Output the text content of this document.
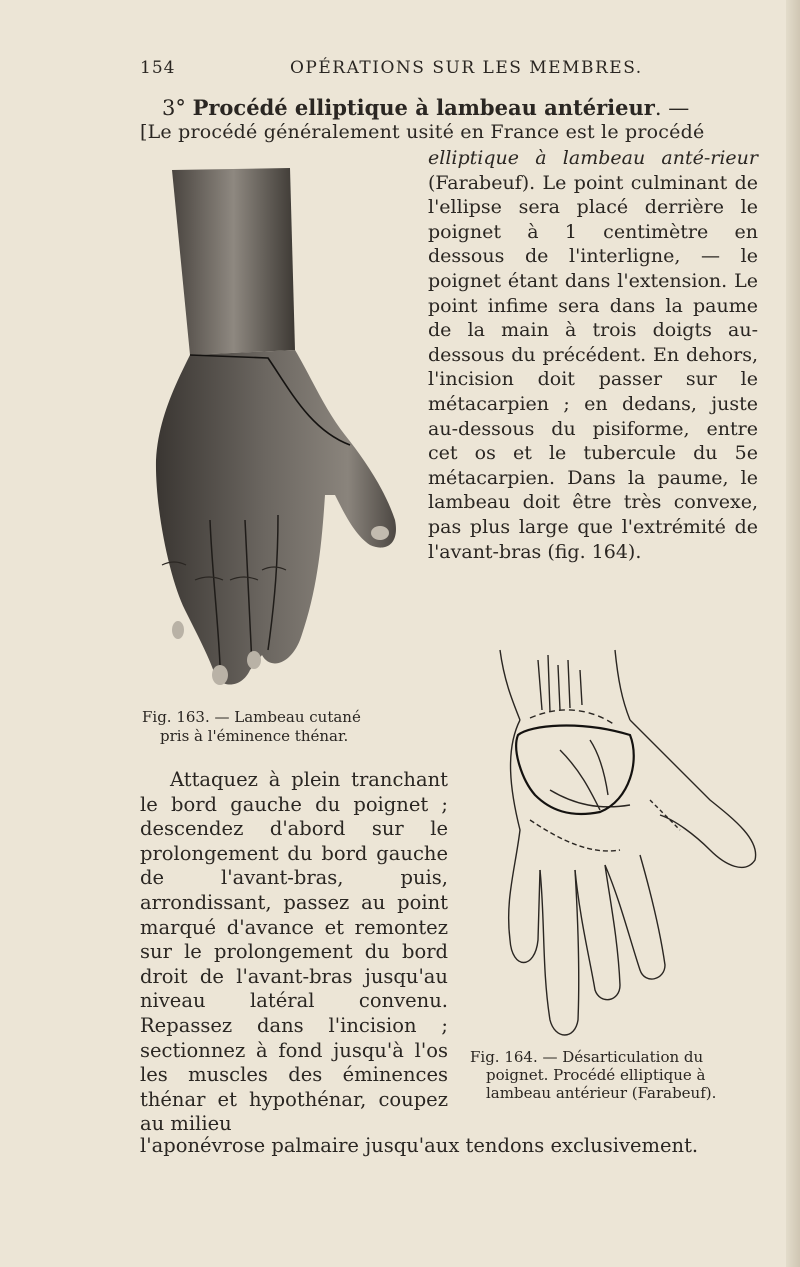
154	OPÉRATIONS SUR LES MEMBRES.
3° Procédé elliptique à lambeau antérieur. —
[Le procédé généralement usité en France est le procédé
elliptique à lambeau anté-rieur (Farabeuf). Le point culminant de l'ellipse sera placé derrière le poignet à 1 centimètre en dessous de l'interligne, — le poignet étant dans l'extension. Le point infime sera dans la paume de la main à trois doigts au-dessous du précédent. En dehors, l'incision doit passer sur le métacarpien ; en dedans, juste au-dessous du pisiforme, entre cet os et le tubercule du 5e métacarpien. Dans la paume, le lambeau doit être très convexe, pas plus large que l'extrémité de l'avant-bras (fig. 164).
Fig. 163. — Lambeau cutané
pris à l'éminence thénar.
Attaquez à plein tranchant le bord gauche du poignet ; descendez d'abord sur le prolongement du bord gauche de l'avant-bras, puis, arrondissant, passez au point marqué d'avance et remontez sur le prolongement du bord droit de l'avant-bras jusqu'au niveau latéral convenu. Repassez dans l'incision ; sectionnez à fond jusqu'à l'os les muscles des éminences thénar et hypothénar, coupez au milieu
l'aponévrose palmaire jusqu'aux tendons exclusivement.
Fig. 164. — Désarticulation du
poignet. Procédé elliptique à
lambeau antérieur (Farabeuf).
